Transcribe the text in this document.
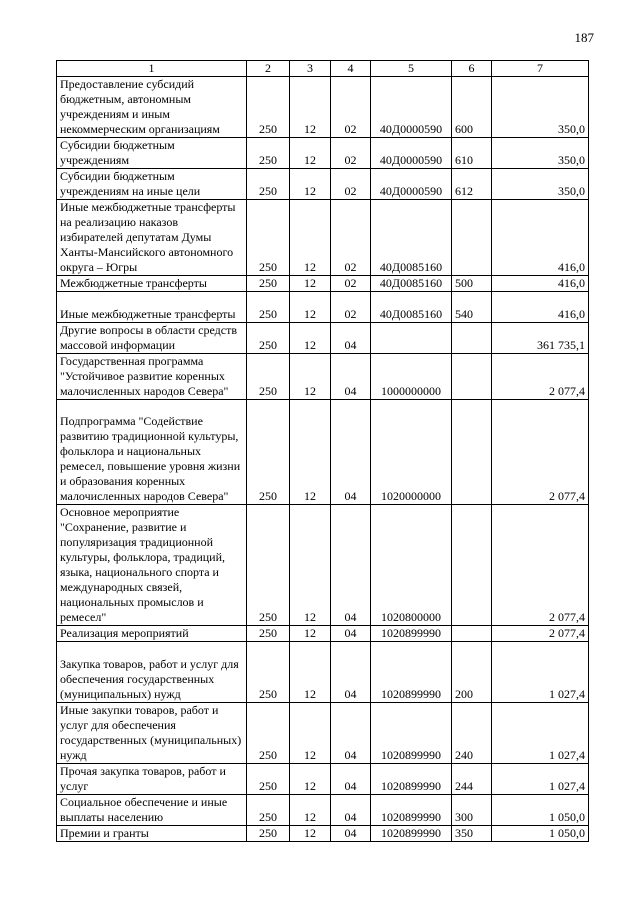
187
1	2	3	4	5	6	7
Предоставление субсидий бюджетным, автономным учреждениям и иным некоммерческим организациям	250	12	02	40Д0000590	600	350,0
Субсидии бюджетным учреждениям	250	12	02	40Д0000590	610	350,0
Субсидии бюджетным учреждениям на иные цели	250	12	02	40Д0000590	612	350,0
Иные межбюджетные трансферты на реализацию наказов избирателей депутатам Думы Ханты-Мансийского автономного округа – Югры	250	12	02	40Д0085160		416,0
Межбюджетные трансферты	250	12	02	40Д0085160	500	416,0
Иные межбюджетные трансферты	250	12	02	40Д0085160	540	416,0
Другие вопросы в области средств массовой информации	250	12	04			361 735,1
Государственная программа "Устойчивое развитие коренных малочисленных народов Севера"	250	12	04	1000000000		2 077,4
Подпрограмма "Содействие развитию традиционной культуры, фольклора и национальных ремесел, повышение уровня жизни и образования коренных малочисленных народов Севера"	250	12	04	1020000000		2 077,4
Основное мероприятие "Сохранение, развитие и популяризация традиционной культуры, фольклора, традиций, языка, национального спорта и международных связей, национальных промыслов и ремесел"	250	12	04	1020800000		2 077,4
Реализация мероприятий	250	12	04	1020899990		2 077,4
Закупка товаров, работ и услуг для обеспечения государственных (муниципальных) нужд	250	12	04	1020899990	200	1 027,4
Иные закупки товаров, работ и услуг для обеспечения государственных (муниципальных) нужд	250	12	04	1020899990	240	1 027,4
Прочая закупка товаров, работ и услуг	250	12	04	1020899990	244	1 027,4
Социальное обеспечение и иные выплаты населению	250	12	04	1020899990	300	1 050,0
Премии и гранты	250	12	04	1020899990	350	1 050,0
